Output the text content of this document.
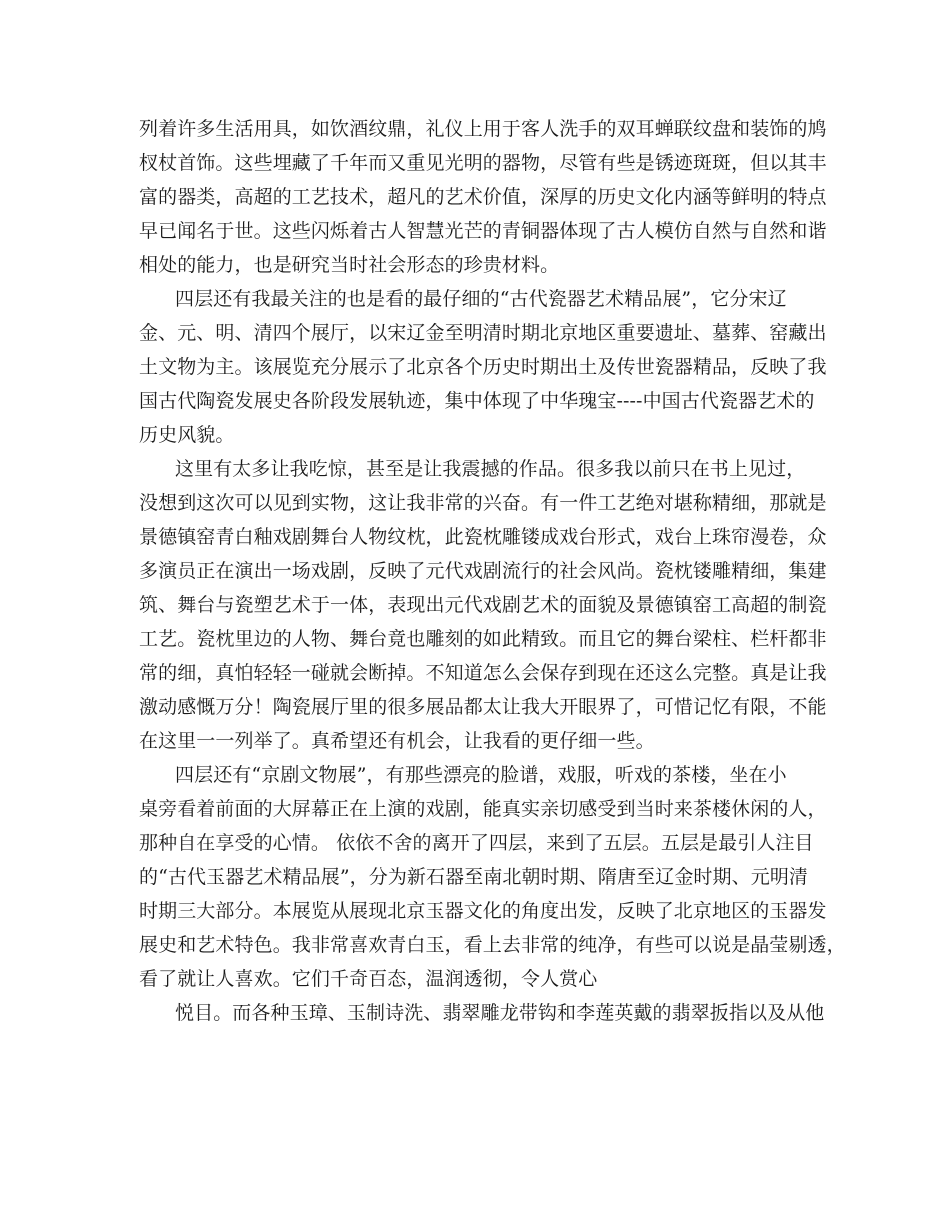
列着许多生活用具，如饮酒纹鼎，礼仪上用于客人洗手的双耳蝉联纹盘和装饰的鸠
杈杖首饰。这些埋藏了千年而又重见光明的器物，尽管有些是锈迹斑斑，但以其丰
富的器类，高超的工艺技术，超凡的艺术价值，深厚的历史文化内涵等鲜明的特点
早已闻名于世。这些闪烁着古人智慧光芒的青铜器体现了古人模仿自然与自然和谐
相处的能力，也是研究当时社会形态的珍贵材料。
四层还有我最关注的也是看的最仔细的“古代瓷器艺术精品展”，它分宋辽
金、元、明、清四个展厅，以宋辽金至明清时期北京地区重要遗址、墓葬、窑藏出
土文物为主。该展览充分展示了北京各个历史时期出土及传世瓷器精品，反映了我
国古代陶瓷发展史各阶段发展轨迹，集中体现了中华瑰宝----中国古代瓷器艺术的
历史风貌。
这里有太多让我吃惊，甚至是让我震撼的作品。很多我以前只在书上见过，
没想到这次可以见到实物，这让我非常的兴奋。有一件工艺绝对堪称精细，那就是
景德镇窑青白釉戏剧舞台人物纹枕，此瓷枕雕镂成戏台形式，戏台上珠帘漫卷，众
多演员正在演出一场戏剧，反映了元代戏剧流行的社会风尚。瓷枕镂雕精细，集建
筑、舞台与瓷塑艺术于一体，表现出元代戏剧艺术的面貌及景德镇窑工高超的制瓷
工艺。瓷枕里边的人物、舞台竟也雕刻的如此精致。而且它的舞台梁柱、栏杆都非
常的细，真怕轻轻一碰就会断掉。不知道怎么会保存到现在还这么完整。真是让我
激动感慨万分！陶瓷展厅里的很多展品都太让我大开眼界了，可惜记忆有限，不能
在这里一一列举了。真希望还有机会，让我看的更仔细一些。
四层还有“京剧文物展”，有那些漂亮的脸谱，戏服，听戏的茶楼，坐在小
桌旁看着前面的大屏幕正在上演的戏剧，能真实亲切感受到当时来茶楼休闲的人，
那种自在享受的心情。 依依不舍的离开了四层，来到了五层。五层是最引人注目
的“古代玉器艺术精品展”，分为新石器至南北朝时期、隋唐至辽金时期、元明清
时期三大部分。本展览从展现北京玉器文化的角度出发，反映了北京地区的玉器发
展史和艺术特色。我非常喜欢青白玉，看上去非常的纯净，有些可以说是晶莹剔透，
看了就让人喜欢。它们千奇百态，温润透彻，令人赏心
悦目。而各种玉璋、玉制诗洗、翡翠雕龙带钩和李莲英戴的翡翠扳指以及从他
